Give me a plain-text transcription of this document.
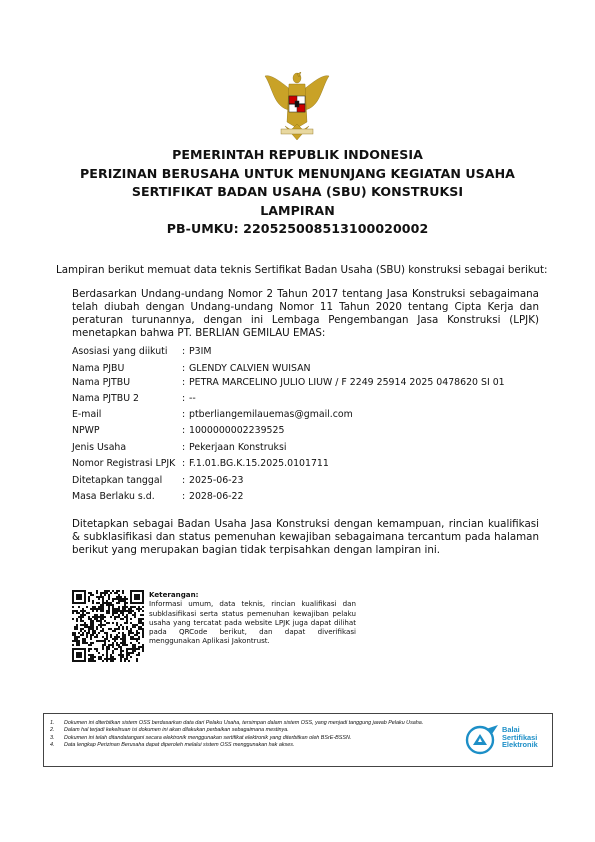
PEMERINTAH REPUBLIK INDONESIA
PERIZINAN BERUSAHA UNTUK MENUNJANG KEGIATAN USAHA
SERTIFIKAT BADAN USAHA (SBU) KONSTRUKSI
LAMPIRAN
PB-UMKU: 220525008513100020002
Lampiran berikut memuat data teknis Sertifikat Badan Usaha (SBU) konstruksi sebagai berikut:
Berdasarkan Undang-undang Nomor 2 Tahun 2017 tentang Jasa Konstruksi sebagaimana telah diubah dengan Undang-undang Nomor 11 Tahun 2020 tentang Cipta Kerja dan peraturan turunannya, dengan ini Lembaga Pengembangan Jasa Konstruksi (LPJK) menetapkan bahwa PT. BERLIAN GEMILAU EMAS:
Asosiasi yang diikuti : P3IM
Nama PJBU	: GLENDY CALVIEN WUISAN
Nama PJTBU	: PETRA MARCELINO JULIO LIUW / F 2249 25914 2025 0478620 SI 01
Nama PJTBU 2	: --
E-mail	: ptberliangemilauemas@gmail.com
NPWP	: 1000000002239525
Jenis Usaha	: Pekerjaan Konstruksi
Nomor Registrasi LPJK : F.1.01.BG.K.15.2025.0101711
Ditetapkan tanggal : 2025-06-23
Masa Berlaku s.d.	: 2028-06-22
Ditetapkan sebagai Badan Usaha Jasa Konstruksi dengan kemampuan, rincian kualifikasi & subklasifikasi dan status pemenuhan kewajiban sebagaimana tercantum pada halaman berikut yang merupakan bagian tidak terpisahkan dengan lampiran ini.
Keterangan:
Informasi umum, data teknis, rincian kualifikasi dan subklasifikasi serta status pemenuhan kewajiban pelaku usaha yang tercatat pada website LPJK juga dapat dilihat pada QRCode berikut, dan dapat diverifikasi menggunakan Aplikasi Jakontrust.
1. Dokumen ini diterbitkan sistem OSS berdasarkan data dari Pelaku Usaha, tersimpan dalam sistem OSS, yang menjadi tanggung jawab Pelaku Usaha.
2. Dalam hal terjadi kekeliruan isi dokumen ini akan dilakukan perbaikan sebagaimana mestinya.
3. Dokumen ini telah ditandatangani secara elektronik menggunakan sertifikat elektronik yang diterbitkan oleh BSrE-BSSN.
4. Data lengkap Perizinan Berusaha dapat diperoleh melalui sistem OSS menggunakan hak akses.
Balai
Sertifikasi
Elektronik
